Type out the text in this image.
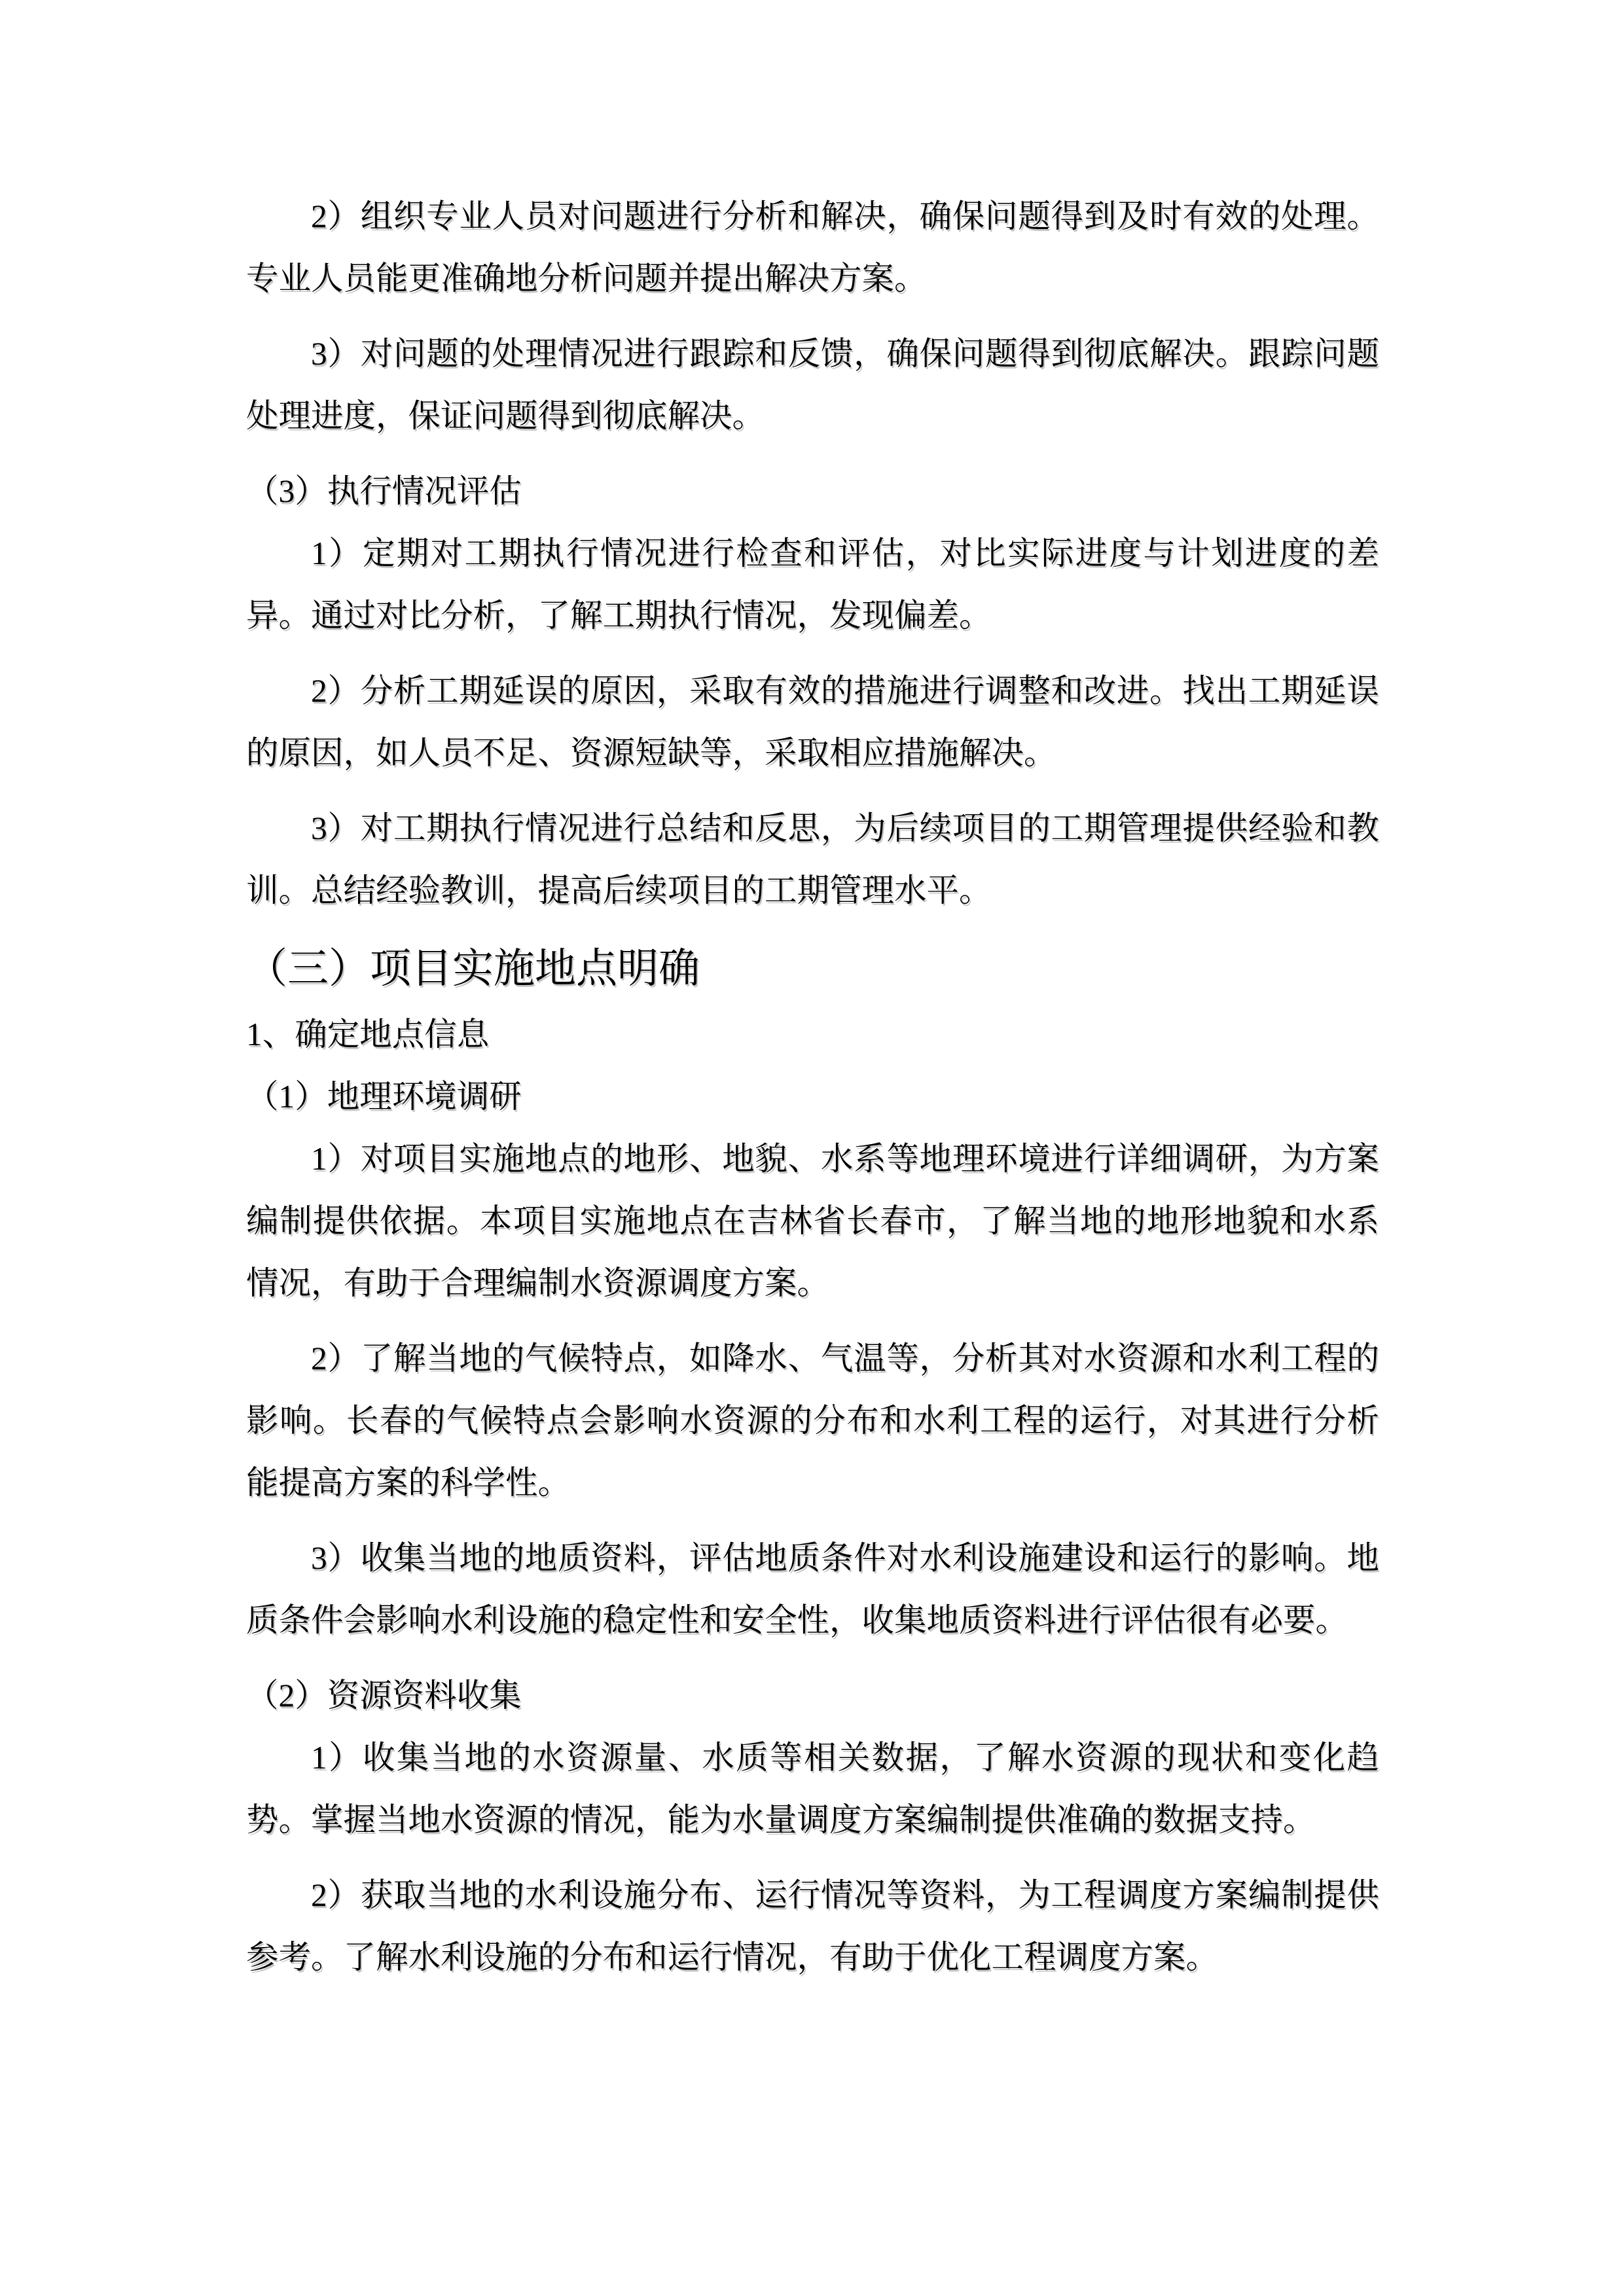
2）组织专业人员对问题进行分析和解决，确保问题得到及时有效的处理。专业人员能更准确地分析问题并提出解决方案。

3）对问题的处理情况进行跟踪和反馈，确保问题得到彻底解决。跟踪问题处理进度，保证问题得到彻底解决。

（3）执行情况评估

1）定期对工期执行情况进行检查和评估，对比实际进度与计划进度的差异。通过对比分析，了解工期执行情况，发现偏差。

2）分析工期延误的原因，采取有效的措施进行调整和改进。找出工期延误的原因，如人员不足、资源短缺等，采取相应措施解决。

3）对工期执行情况进行总结和反思，为后续项目的工期管理提供经验和教训。总结经验教训，提高后续项目的工期管理水平。

（三）项目实施地点明确

1、确定地点信息

（1）地理环境调研

1）对项目实施地点的地形、地貌、水系等地理环境进行详细调研，为方案编制提供依据。本项目实施地点在吉林省长春市，了解当地的地形地貌和水系情况，有助于合理编制水资源调度方案。

2）了解当地的气候特点，如降水、气温等，分析其对水资源和水利工程的影响。长春的气候特点会影响水资源的分布和水利工程的运行，对其进行分析能提高方案的科学性。

3）收集当地的地质资料，评估地质条件对水利设施建设和运行的影响。地质条件会影响水利设施的稳定性和安全性，收集地质资料进行评估很有必要。

（2）资源资料收集

1）收集当地的水资源量、水质等相关数据，了解水资源的现状和变化趋势。掌握当地水资源的情况，能为水量调度方案编制提供准确的数据支持。

2）获取当地的水利设施分布、运行情况等资料，为工程调度方案编制提供参考。了解水利设施的分布和运行情况，有助于优化工程调度方案。
